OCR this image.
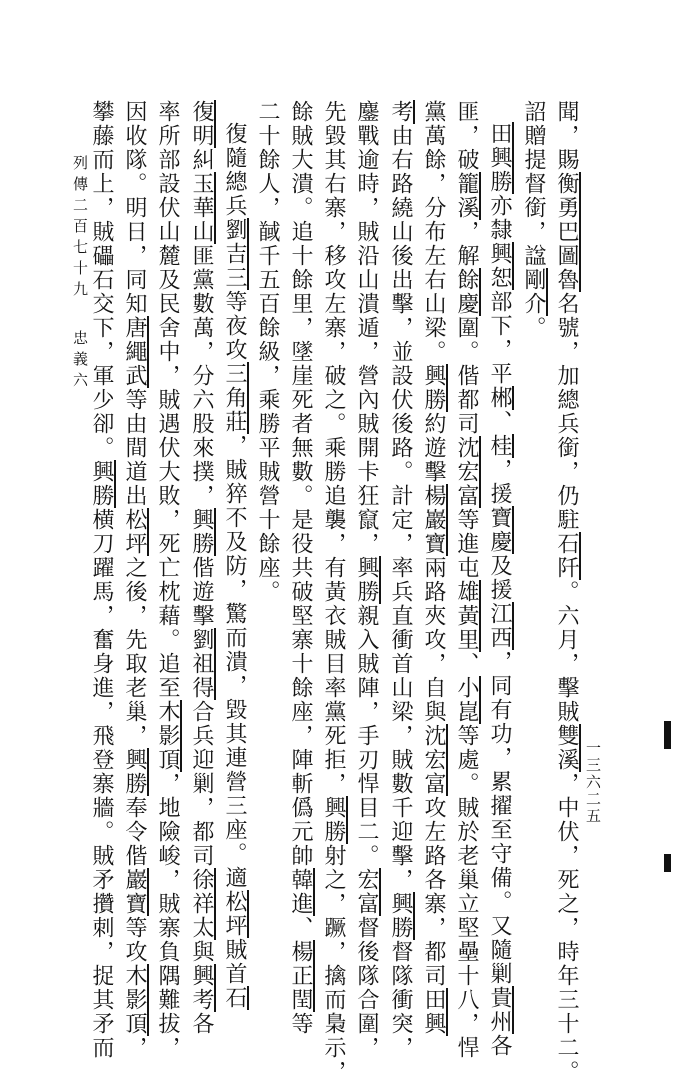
聞，賜衡勇巴圖魯名號，加總兵銜，仍駐石阡。六月，擊賊雙溪，中伏，死之，時年三十二。
詔贈提督銜，諡剛介。
田興勝亦隸興恕部下，平郴、桂，援寶慶及援江西，同有功，累擢至守備。又隨剿貴州各
匪，破籠溪，解餘慶圍。偕都司沈宏富等進屯雄黃里、小崑等處。賊於老巢立堅壘十八，悍
黨萬餘，分布左右山梁。興勝約遊擊楊巖寶兩路夾攻，自與沈宏富攻左路各寨，都司田興
考由右路繞山後出擊，並設伏後路。計定，率兵直衝首山梁，賊數千迎擊，興勝督隊衝突，
鏖戰逾時，賊沿山潰遁，營內賊開卡狂竄，興勝親入賊陣，手刃悍目二。宏富督後隊合圍，
先毀其右寨，移攻左寨，破之。乘勝追襲，有黃衣賊目率黨死拒，興勝射之，蹶，擒而梟示，
餘賊大潰。追十餘里，墜崖死者無數。是役共破堅寨十餘座，陣斬僞元帥韓進、楊正閏等
二十餘人，馘千五百餘級，乘勝平賊營十餘座。
復隨總兵劉吉三等夜攻三角莊，賊猝不及防，驚而潰，毀其連營三座。適松坪賊首石
復明糾玉華山匪黨數萬，分六股來撲，興勝偕遊擊劉祖得合兵迎剿，都司徐祥太與興考各
率所部設伏山麓及民舍中，賊遇伏大敗，死亡枕藉。追至木影頂，地險峻，賊寨負隅難拔，
因收隊。明日，同知唐繩武等由間道出松坪之後，先取老巢，興勝奉令偕巖寶等攻木影頂，
攀藤而上，賊礧石交下，軍少卻。興勝横刀躍馬，奮身進，飛登寨牆。賊矛攢刺，捉其矛而
列傳二百七十九
忠義六
一三六二五
